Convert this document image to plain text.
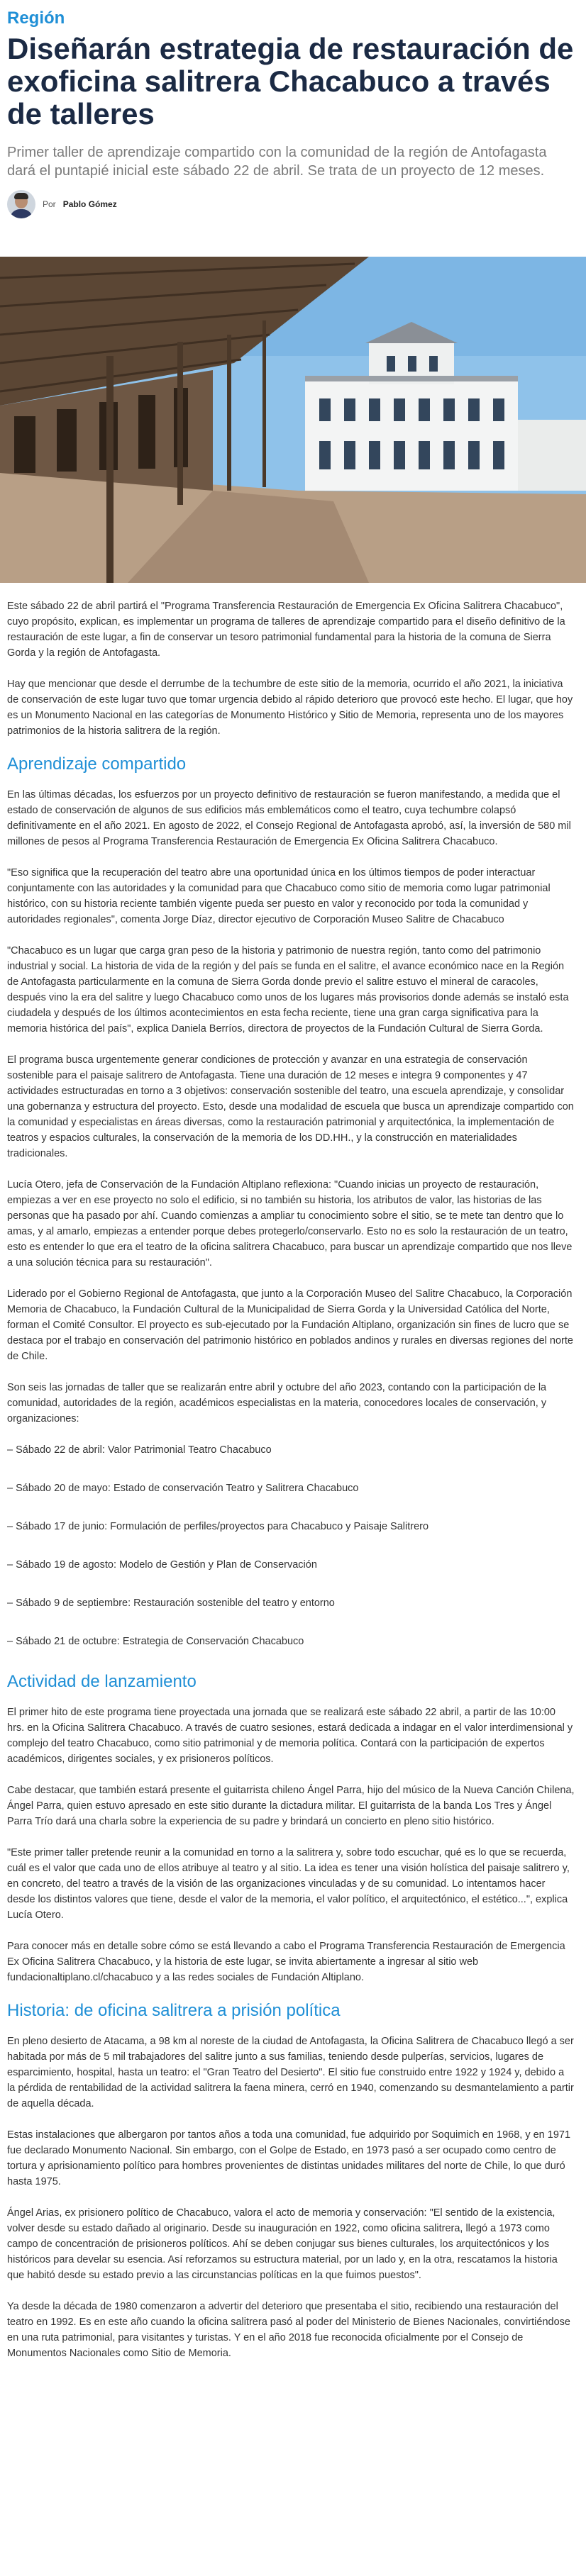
Región
Diseñarán estrategia de restauración de exoficina salitrera Chacabuco a través de talleres

Primer taller de aprendizaje compartido con la comunidad de la región de Antofagasta dará el puntapié inicial este sábado 22 de abril. Se trata de un proyecto de 12 meses.

Por Pablo Gómez

Este sábado 22 de abril partirá el "Programa Transferencia Restauración de Emergencia Ex Oficina Salitrera Chacabuco", cuyo propósito, explican, es implementar un programa de talleres de aprendizaje compartido para el diseño definitivo de la restauración de este lugar, a fin de conservar un tesoro patrimonial fundamental para la historia de la comuna de Sierra Gorda y la región de Antofagasta.

Hay que mencionar que desde el derrumbe de la techumbre de este sitio de la memoria, ocurrido el año 2021, la iniciativa de conservación de este lugar tuvo que tomar urgencia debido al rápido deterioro que provocó este hecho. El lugar, que hoy es un Monumento Nacional en las categorías de Monumento Histórico y Sitio de Memoria, representa uno de los mayores patrimonios de la historia salitrera de la región.

Aprendizaje compartido

En las últimas décadas, los esfuerzos por un proyecto definitivo de restauración se fueron manifestando, a medida que el estado de conservación de algunos de sus edificios más emblemáticos como el teatro, cuya techumbre colapsó definitivamente en el año 2021. En agosto de 2022, el Consejo Regional de Antofagasta aprobó, así, la inversión de 580 mil millones de pesos al Programa Transferencia Restauración de Emergencia Ex Oficina Salitrera Chacabuco.

"Eso significa que la recuperación del teatro abre una oportunidad única en los últimos tiempos de poder interactuar conjuntamente con las autoridades y la comunidad para que Chacabuco como sitio de memoria como lugar patrimonial histórico, con su historia reciente también vigente pueda ser puesto en valor y reconocido por toda la comunidad y autoridades regionales", comenta Jorge Díaz, director ejecutivo de Corporación Museo Salitre de Chacabuco

"Chacabuco es un lugar que carga gran peso de la historia y patrimonio de nuestra región, tanto como del patrimonio industrial y social. La historia de vida de la región y del país se funda en el salitre, el avance económico nace en la Región de Antofagasta particularmente en la comuna de Sierra Gorda donde previo el salitre estuvo el mineral de caracoles, después vino la era del salitre y luego Chacabuco como unos de los lugares más provisorios donde además se instaló esta ciudadela y después de los últimos acontecimientos en esta fecha reciente, tiene una gran carga significativa para la memoria histórica del país", explica Daniela Berríos, directora de proyectos de la Fundación Cultural de Sierra Gorda.

El programa busca urgentemente generar condiciones de protección y avanzar en una estrategia de conservación sostenible para el paisaje salitrero de Antofagasta. Tiene una duración de 12 meses e integra 9 componentes y 47 actividades estructuradas en torno a 3 objetivos: conservación sostenible del teatro, una escuela aprendizaje, y consolidar una gobernanza y estructura del proyecto. Esto, desde una modalidad de escuela que busca un aprendizaje compartido con la comunidad y especialistas en áreas diversas, como la restauración patrimonial y arquitectónica, la implementación de teatros y espacios culturales, la conservación de la memoria de los DD.HH., y la construcción en materialidades tradicionales.

Lucía Otero, jefa de Conservación de la Fundación Altiplano reflexiona: "Cuando inicias un proyecto de restauración, empiezas a ver en ese proyecto no solo el edificio, si no también su historia, los atributos de valor, las historias de las personas que ha pasado por ahí. Cuando comienzas a ampliar tu conocimiento sobre el sitio, se te mete tan dentro que lo amas, y al amarlo, empiezas a entender porque debes protegerlo/conservarlo. Esto no es solo la restauración de un teatro, esto es entender lo que era el teatro de la oficina salitrera Chacabuco, para buscar un aprendizaje compartido que nos lleve a una solución técnica para su restauración".

Liderado por el Gobierno Regional de Antofagasta, que junto a la Corporación Museo del Salitre Chacabuco, la Corporación Memoria de Chacabuco, la Fundación Cultural de la Municipalidad de Sierra Gorda y la Universidad Católica del Norte, forman el Comité Consultor. El proyecto es sub-ejecutado por la Fundación Altiplano, organización sin fines de lucro que se destaca por el trabajo en conservación del patrimonio histórico en poblados andinos y rurales en diversas regiones del norte de Chile.

Son seis las jornadas de taller que se realizarán entre abril y octubre del año 2023, contando con la participación de la comunidad, autoridades de la región, académicos especialistas en la materia, conocedores locales de conservación, y organizaciones:

– Sábado 22 de abril: Valor Patrimonial Teatro Chacabuco

– Sábado 20 de mayo: Estado de conservación Teatro y Salitrera Chacabuco

– Sábado 17 de junio: Formulación de perfiles/proyectos para Chacabuco y Paisaje Salitrero

– Sábado 19 de agosto: Modelo de Gestión y Plan de Conservación

– Sábado 9 de septiembre: Restauración sostenible del teatro y entorno

– Sábado 21 de octubre: Estrategia de Conservación Chacabuco

Actividad de lanzamiento

El primer hito de este programa tiene proyectada una jornada que se realizará este sábado 22 abril, a partir de las 10:00 hrs. en la Oficina Salitrera Chacabuco. A través de cuatro sesiones, estará dedicada a indagar en el valor interdimensional y complejo del teatro Chacabuco, como sitio patrimonial y de memoria política. Contará con la participación de expertos académicos, dirigentes sociales, y ex prisioneros políticos.

Cabe destacar, que también estará presente el guitarrista chileno Ángel Parra, hijo del músico de la Nueva Canción Chilena, Ángel Parra, quien estuvo apresado en este sitio durante la dictadura militar. El guitarrista de la banda Los Tres y Ángel Parra Trío dará una charla sobre la experiencia de su padre y brindará un concierto en pleno sitio histórico.

"Este primer taller pretende reunir a la comunidad en torno a la salitrera y, sobre todo escuchar, qué es lo que se recuerda, cuál es el valor que cada uno de ellos atribuye al teatro y al sitio. La idea es tener una visión holística del paisaje salitrero y, en concreto, del teatro a través de la visión de las organizaciones vinculadas y de su comunidad. Lo intentamos hacer desde los distintos valores que tiene, desde el valor de la memoria, el valor político, el arquitectónico, el estético...", explica Lucía Otero.

Para conocer más en detalle sobre cómo se está llevando a cabo el Programa Transferencia Restauración de Emergencia Ex Oficina Salitrera Chacabuco, y la historia de este lugar, se invita abiertamente a ingresar al sitio web fundacionaltiplano.cl/chacabuco y a las redes sociales de Fundación Altiplano.

Historia: de oficina salitrera a prisión política

En pleno desierto de Atacama, a 98 km al noreste de la ciudad de Antofagasta, la Oficina Salitrera de Chacabuco llegó a ser habitada por más de 5 mil trabajadores del salitre junto a sus familias, teniendo desde pulperías, servicios, lugares de esparcimiento, hospital, hasta un teatro: el "Gran Teatro del Desierto". El sitio fue construido entre 1922 y 1924 y, debido a la pérdida de rentabilidad de la actividad salitrera la faena minera, cerró en 1940, comenzando su desmantelamiento a partir de aquella década.

Estas instalaciones que albergaron por tantos años a toda una comunidad, fue adquirido por Soquimich en 1968, y en 1971 fue declarado Monumento Nacional. Sin embargo, con el Golpe de Estado, en 1973 pasó a ser ocupado como centro de tortura y aprisionamiento político para hombres provenientes de distintas unidades militares del norte de Chile, lo que duró hasta 1975.

Ángel Arias, ex prisionero político de Chacabuco, valora el acto de memoria y conservación: "El sentido de la existencia, volver desde su estado dañado al originario. Desde su inauguración en 1922, como oficina salitrera, llegó a 1973 como campo de concentración de prisioneros políticos. Ahí se deben conjugar sus bienes culturales, los arquitectónicos y los históricos para develar su esencia. Así reforzamos su estructura material, por un lado y, en la otra, rescatamos la historia que habitó desde su estado previo a las circunstancias políticas en la que fuimos puestos".

Ya desde la década de 1980 comenzaron a advertir del deterioro que presentaba el sitio, recibiendo una restauración del teatro en 1992. Es en este año cuando la oficina salitrera pasó al poder del Ministerio de Bienes Nacionales, convirtiéndose en una ruta patrimonial, para visitantes y turistas. Y en el año 2018 fue reconocida oficialmente por el Consejo de Monumentos Nacionales como Sitio de Memoria.
